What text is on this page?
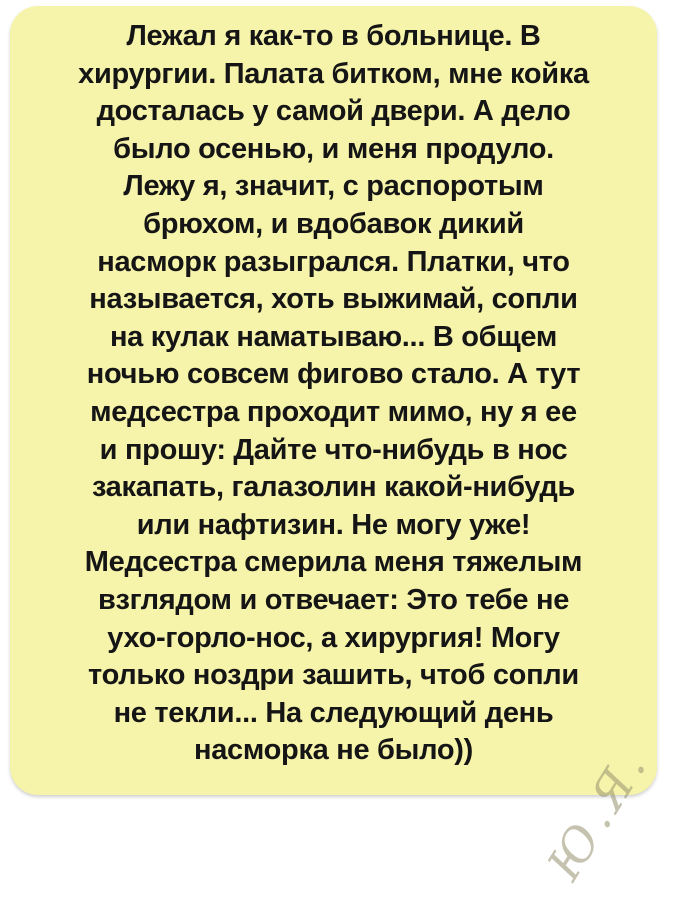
Лежал я как-то в больнице. В
хирургии. Палата битком, мне койка
досталась у самой двери. А дело
было осенью, и меня продуло.
Лежу я, значит, с распоротым
брюхом, и вдобавок дикий
насморк разыгрался. Платки, что
называется, хоть выжимай, сопли
на кулак наматываю... В общем
ночью совсем фигово стало. А тут
медсестра проходит мимо, ну я ее
и прошу: Дайте что-нибудь в нос
закапать, галазолин какой-нибудь
или нафтизин. Не могу уже!
Медсестра смерила меня тяжелым
взглядом и отвечает: Это тебе не
ухо-горло-нос, а хирургия! Могу
только ноздри зашить, чтоб сопли
не текли... На следующий день
насморка не было))	Ю.Я.
